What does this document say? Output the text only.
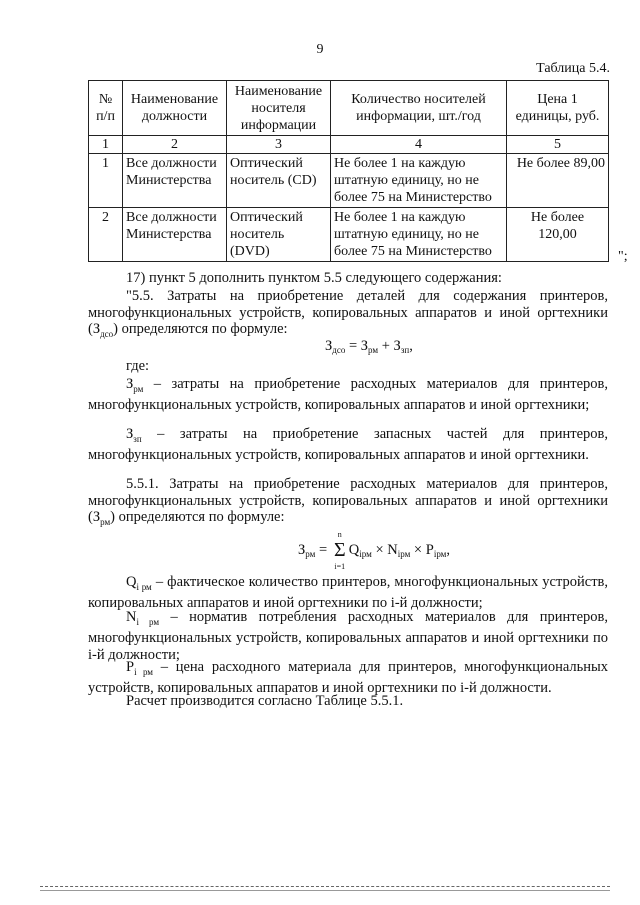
9
Таблица 5.4.
№ п/п	Наименование должности	Наименование носителя информации	Количество носителей информации, шт./год	Цена 1 единицы, руб.
1	2	3	4	5
1	Все должности Министерства	Оптический носитель (CD)	Не более 1 на каждую штатную единицу, но не более 75 на Министерство	Не более 89,00
2	Все должности Министерства	Оптический носитель (DVD)	Не более 1 на каждую штатную единицу, но не более 75 на Министерство	Не более 120,00
";
17) пункт 5 дополнить пунктом 5.5 следующего содержания:
"5.5. Затраты на приобретение деталей для содержания принтеров, многофункциональных устройств, копировальных аппаратов и иной оргтехники $(З_{дсо})$ определяются по формуле:
$З_{дсо} = З_{рм} + З_{зп}$,
где:
$З_{рм}$ – затраты на приобретение расходных материалов для принтеров, многофункциональных устройств, копировальных аппаратов и иной оргтехники;
$З_{зп}$ – затраты на приобретение запасных частей для принтеров, многофункциональных устройств, копировальных аппаратов и иной оргтехники.
5.5.1. Затраты на приобретение расходных материалов для принтеров, многофункциональных устройств, копировальных аппаратов и иной оргтехники $(З_{рм})$ определяются по формуле:
$З_{рм}$ =
n
Σ
i=1
$Q_{iрм} \times N_{iрм} \times P_{iрм}$,
$Q_{i рм}$ – фактическое количество принтеров, многофункциональных устройств, копировальных аппаратов и иной оргтехники по i-й должности;
$N_{i рм}$ – норматив потребления расходных материалов для принтеров, многофункциональных устройств, копировальных аппаратов и иной оргтехники по i-й должности;
$P_{i рм}$ – цена расходного материала для принтеров, многофункциональных устройств, копировальных аппаратов и иной оргтехники по i-й должности.
Расчет производится согласно Таблице 5.5.1.
